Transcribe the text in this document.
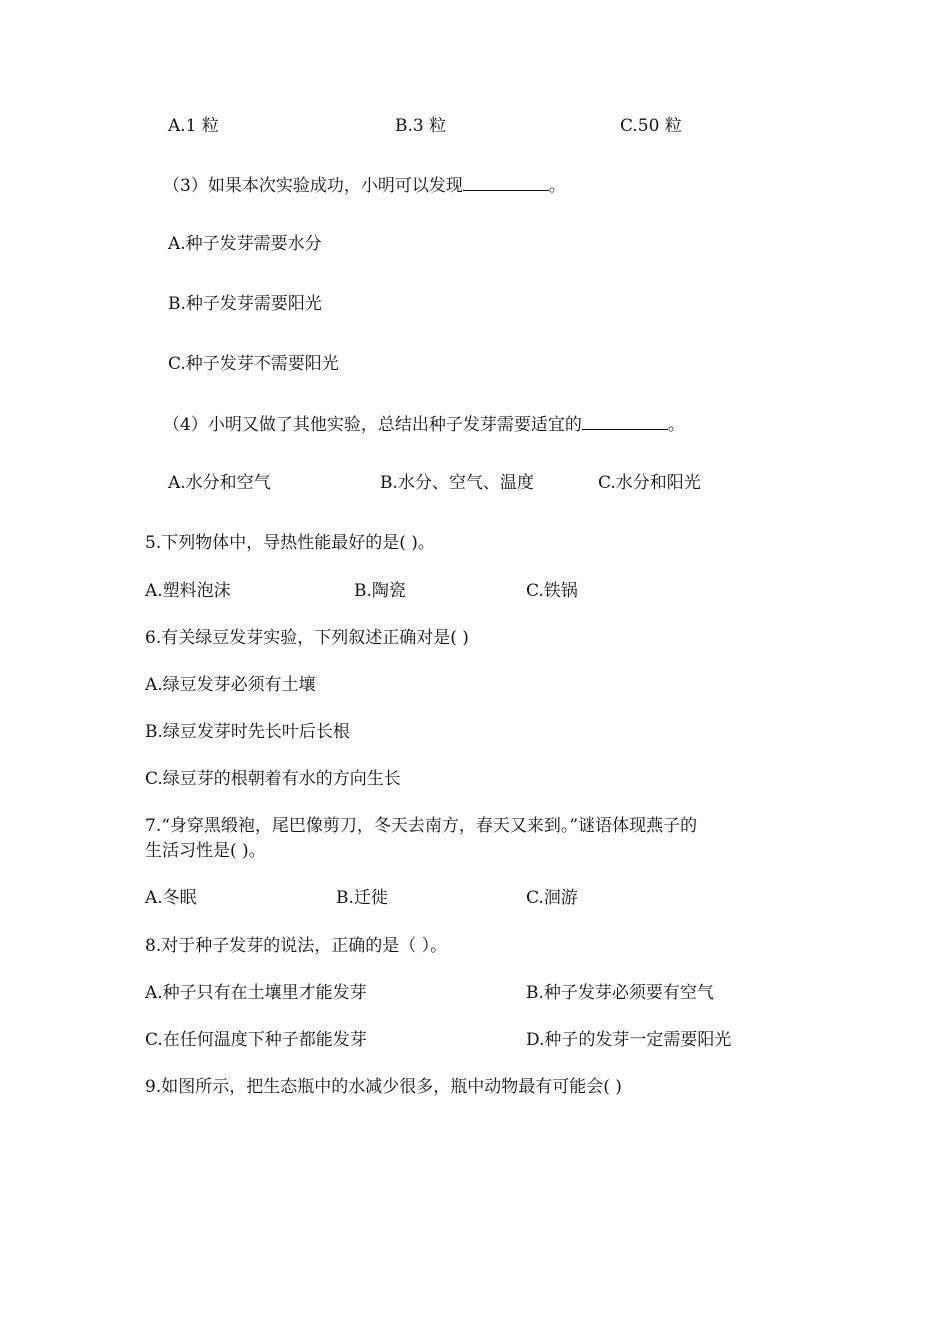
A.1 粒	B.3 粒	C.50 粒
（3）如果本次实验成功，小明可以发现	。
A.种子发芽需要水分
B.种子发芽需要阳光
C.种子发芽不需要阳光
（4）小明又做了其他实验，总结出种子发芽需要适宜的	。
A.水分和空气	B.水分、空气、温度	C.水分和阳光
5.下列物体中，导热性能最好的是( )。
A.塑料泡沫	B.陶瓷	C.铁锅
6.有关绿豆发芽实验，下列叙述正确对是( )
A.绿豆发芽必须有土壤
B.绿豆发芽时先长叶后长根
C.绿豆芽的根朝着有水的方向生长
7.“身穿黑缎袍，尾巴像剪刀，冬天去南方，春天又来到。”谜语体现燕子的
生活习性是( )。
A.冬眠	B.迁徙	C.洄游
8.对于种子发芽的说法，正确的是（ ）。
A.种子只有在土壤里才能发芽	B.种子发芽必须要有空气
C.在任何温度下种子都能发芽	D.种子的发芽一定需要阳光
9.如图所示，把生态瓶中的水减少很多，瓶中动物最有可能会( )
